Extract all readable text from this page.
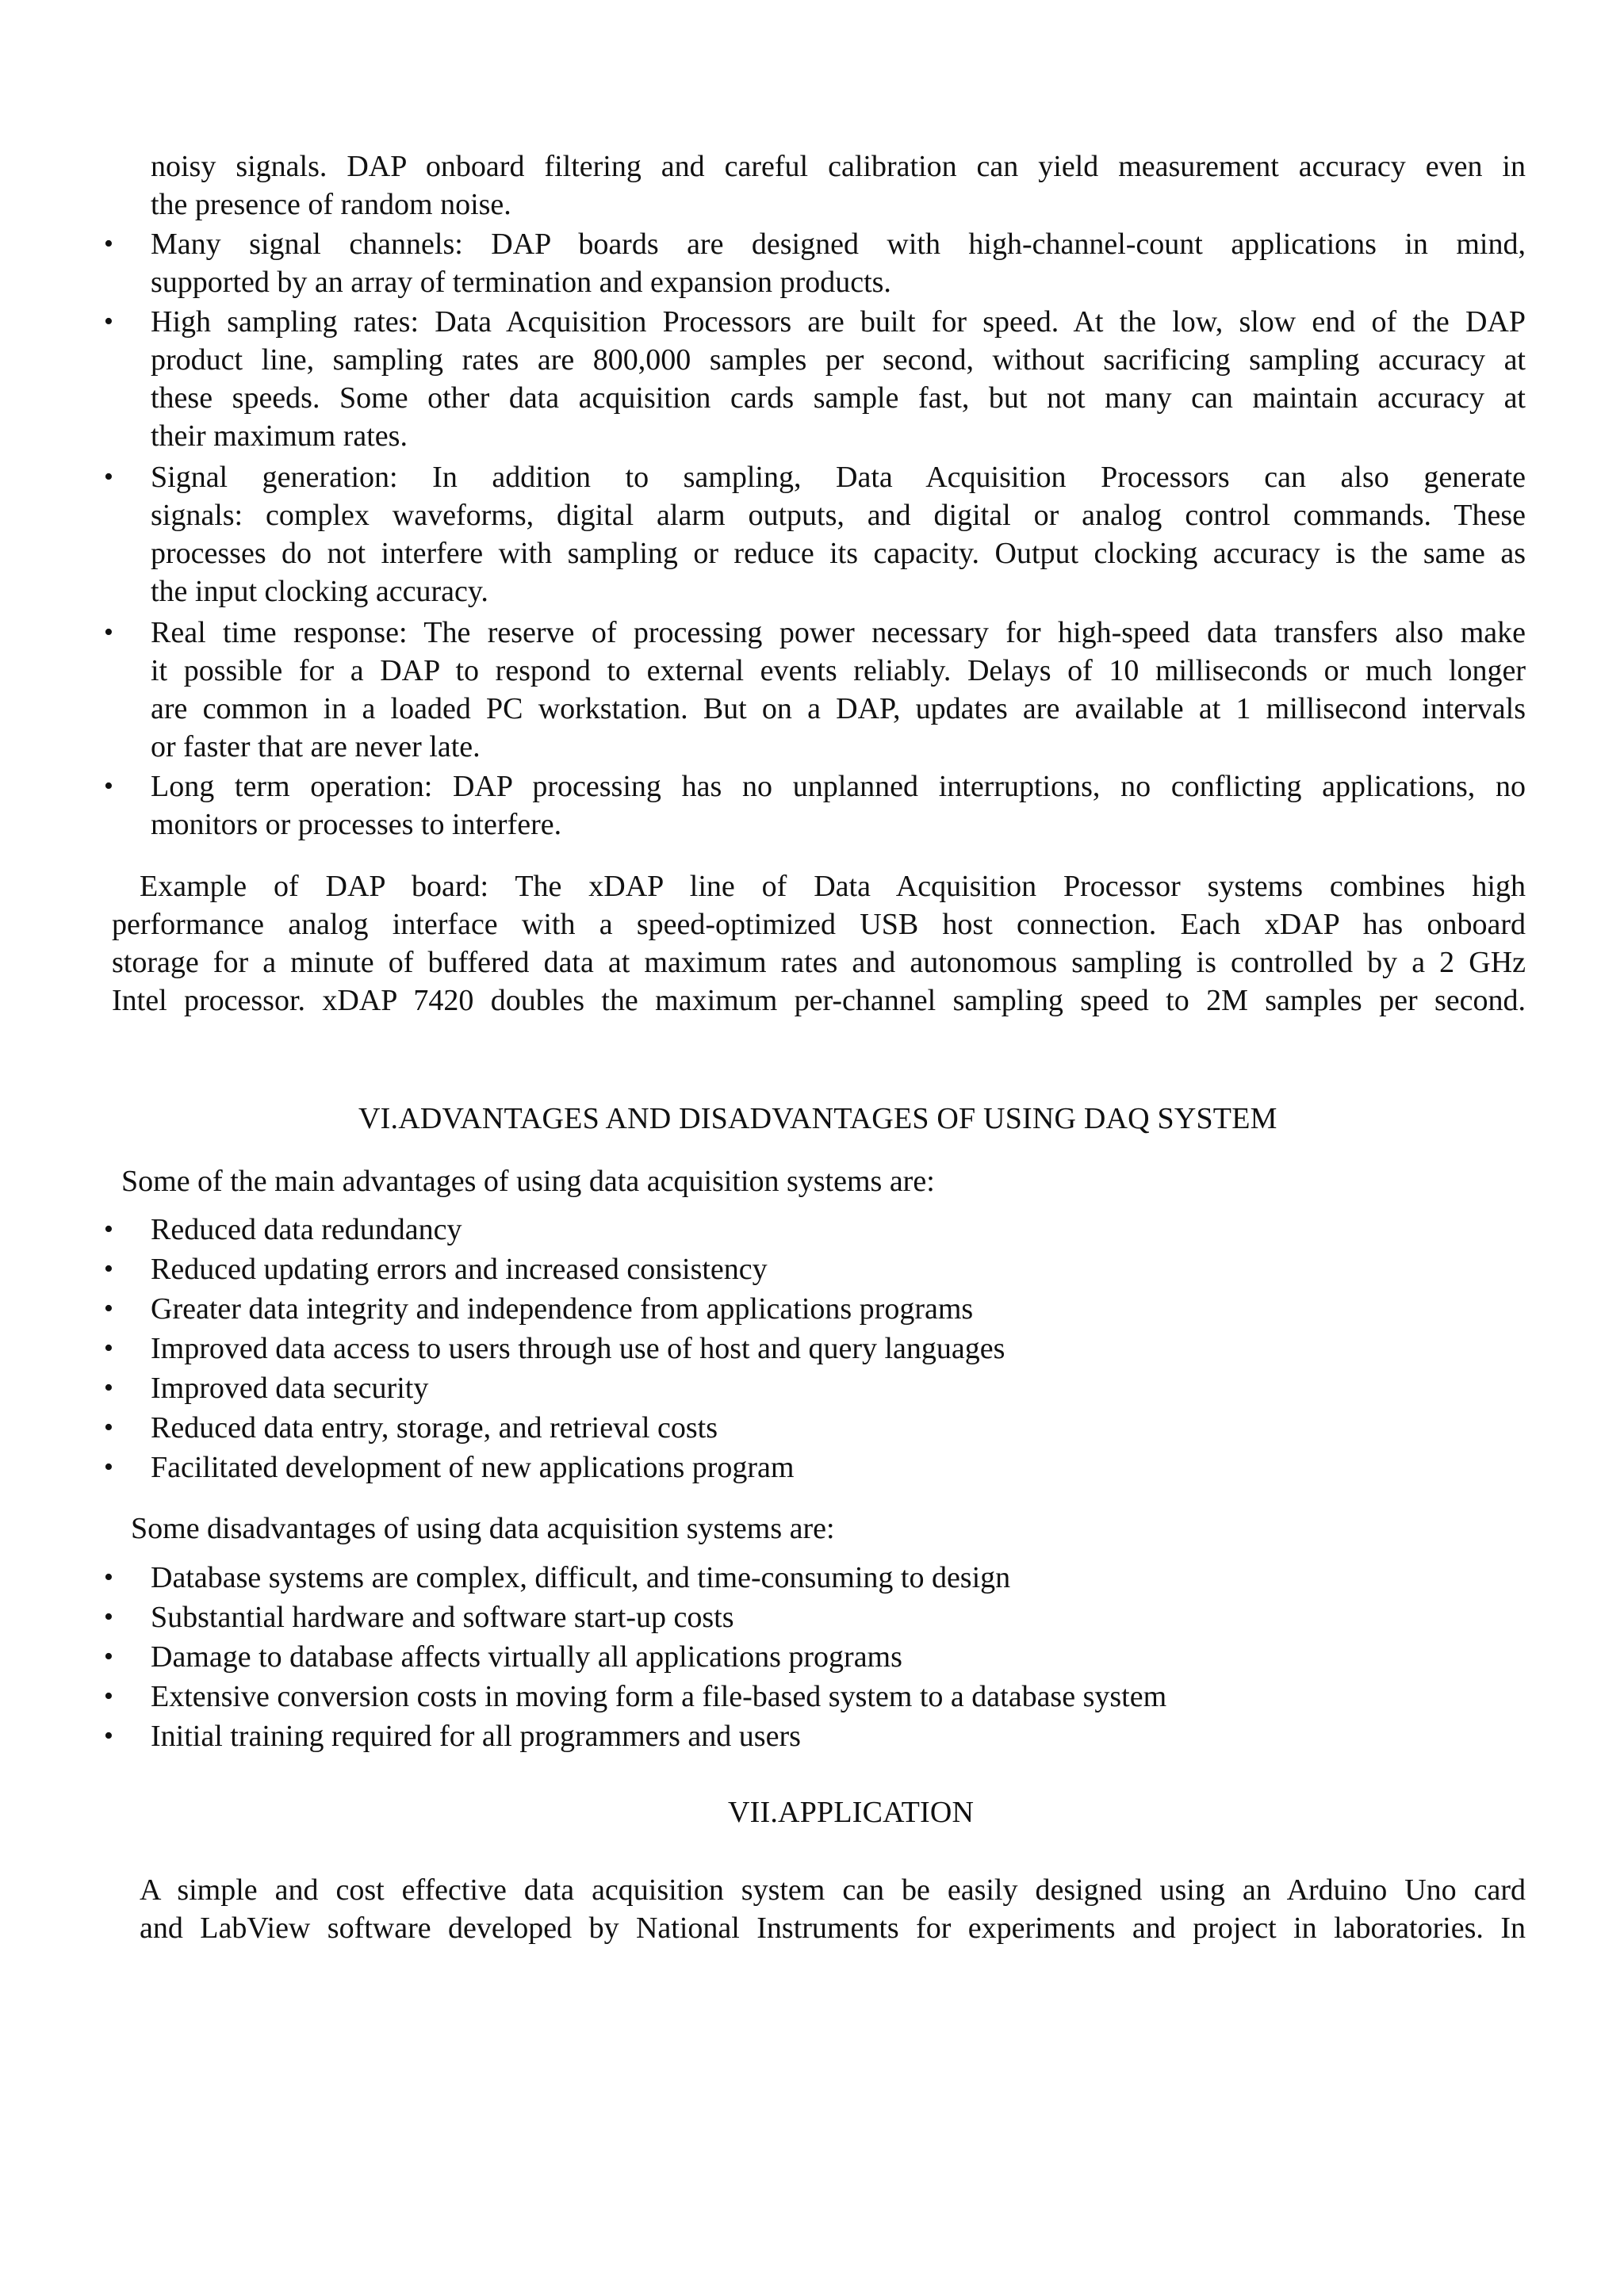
noisy signals. DAP onboard filtering and careful calibration can yield measurement accuracy even in
the presence of random noise.
• Many signal channels: DAP boards are designed with high-channel-count applications in mind,
supported by an array of termination and expansion products.
• High sampling rates: Data Acquisition Processors are built for speed. At the low, slow end of the DAP
product line, sampling rates are 800,000 samples per second, without sacrificing sampling accuracy at
these speeds. Some other data acquisition cards sample fast, but not many can maintain accuracy at
their maximum rates.
• Signal generation: In addition to sampling, Data Acquisition Processors can also generate
signals: complex waveforms, digital alarm outputs, and digital or analog control commands. These
processes do not interfere with sampling or reduce its capacity. Output clocking accuracy is the same as
the input clocking accuracy.
• Real time response: The reserve of processing power necessary for high-speed data transfers also make
it possible for a DAP to respond to external events reliably. Delays of 10 milliseconds or much longer
are common in a loaded PC workstation. But on a DAP, updates are available at 1 millisecond intervals
or faster that are never late.
• Long term operation: DAP processing has no unplanned interruptions, no conflicting applications, no
monitors or processes to interfere.
Example of DAP board: The xDAP line of Data Acquisition Processor systems combines high
performance analog interface with a speed-optimized USB host connection. Each xDAP has onboard
storage for a minute of buffered data at maximum rates and autonomous sampling is controlled by a 2 GHz
Intel processor. xDAP 7420 doubles the maximum per-channel sampling speed to 2M samples per second.
VI.ADVANTAGES AND DISADVANTAGES OF USING DAQ SYSTEM
Some of the main advantages of using data acquisition systems are:
• Reduced data redundancy
• Reduced updating errors and increased consistency
• Greater data integrity and independence from applications programs
• Improved data access to users through use of host and query languages
• Improved data security
• Reduced data entry, storage, and retrieval costs
• Facilitated development of new applications program
Some disadvantages of using data acquisition systems are:
• Database systems are complex, difficult, and time-consuming to design
• Substantial hardware and software start-up costs
• Damage to database affects virtually all applications programs
• Extensive conversion costs in moving form a file-based system to a database system
• Initial training required for all programmers and users
VII.APPLICATION
A simple and cost effective data acquisition system can be easily designed using an Arduino Uno card
and LabView software developed by National Instruments for experiments and project in laboratories. In
